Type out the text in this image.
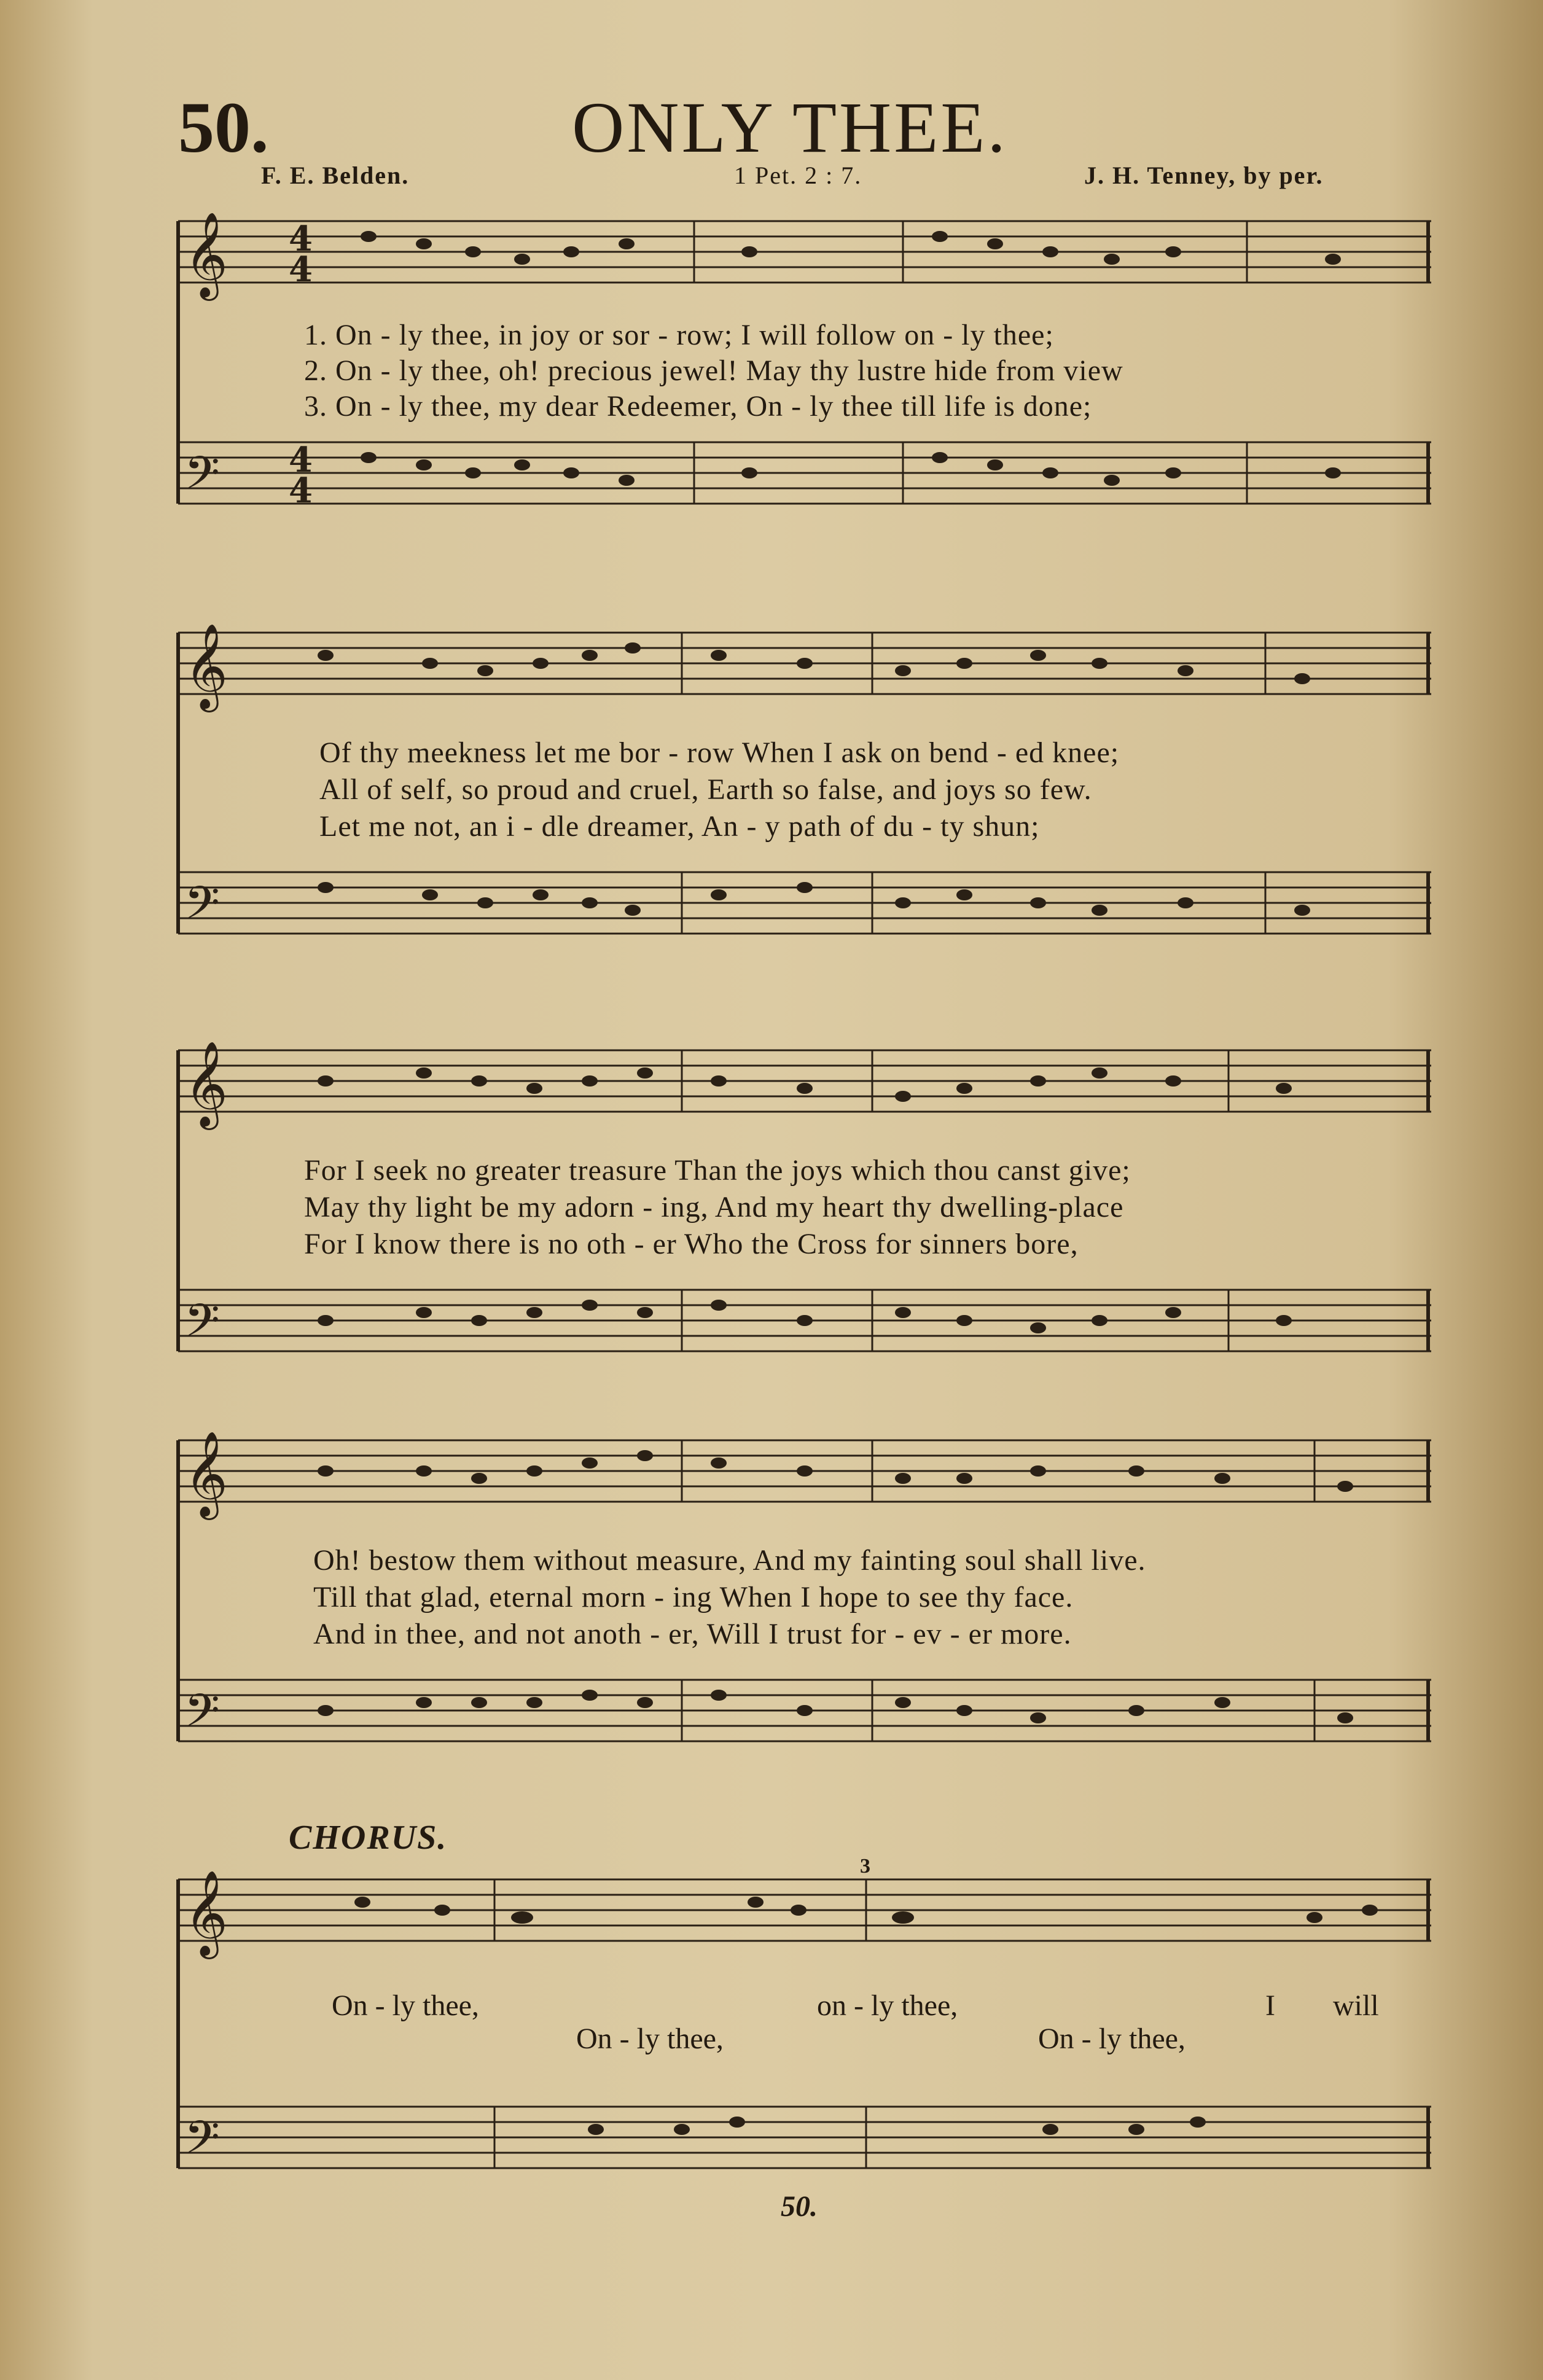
50.	ONLY THEE.
F. E. Belden.	1 Pet. 2 : 7.	J. H. Tenney, by per.
𝄞
𝄢
4
4
4
4
1. On - ly thee, in joy or sor - row; I will follow on - ly thee;
2. On - ly thee, oh! precious jewel! May thy lustre hide from view
3. On - ly thee, my dear Redeemer, On - ly thee till life is done;
𝄞
𝄢
Of thy meekness let me bor - row When I ask on bend - ed knee;
All of self, so proud and cruel, Earth so false, and joys so few.
Let me not, an i - dle dreamer, An - y path of du - ty shun;
𝄞
𝄢
For I seek no greater treasure Than the joys which thou canst give;
May thy light be my adorn - ing, And my heart thy dwelling-place
For I know there is no oth - er Who the Cross for sinners bore,
𝄞
𝄢
Oh! bestow them without measure, And my fainting soul shall live.
Till that glad, eternal morn - ing When I hope to see thy face.
And in thee, and not anoth - er, Will I trust for - ev - er more.
CHORUS.
𝄞
𝄢
3
On - ly thee,	on - ly thee,	I will
On - ly thee,	On - ly thee,
50.
